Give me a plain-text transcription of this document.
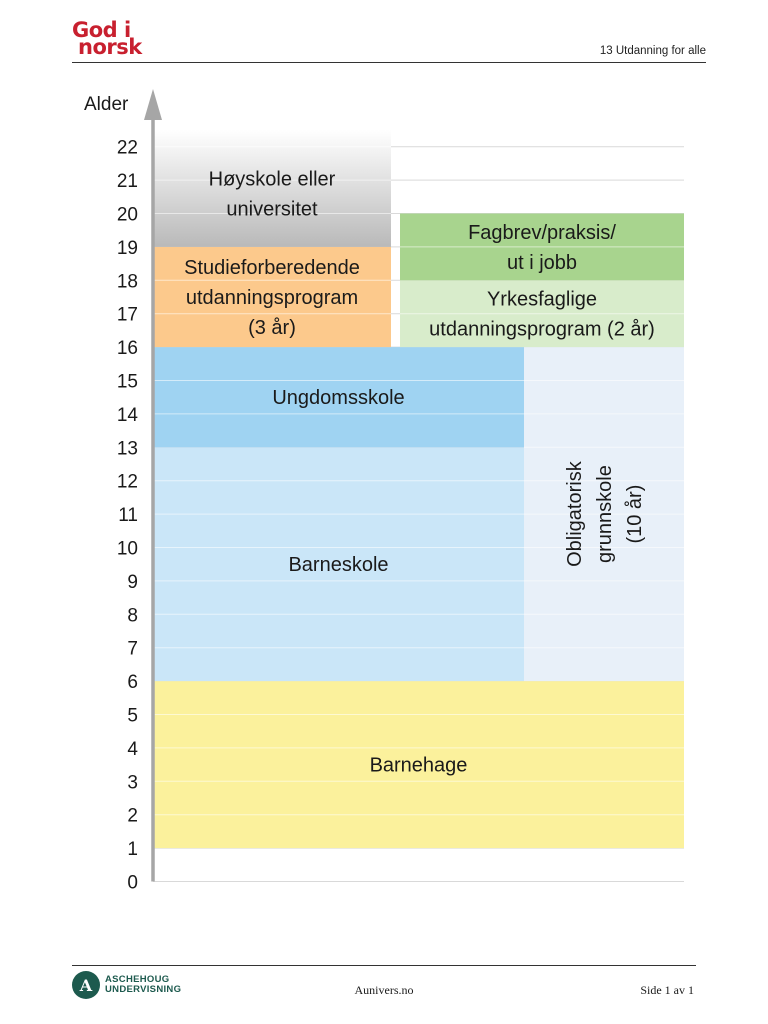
God i
norsk	13 Utdanning for alle
Alder
0
1
2
3
4
5
6
7
8
9
10
11
12
13
14
15
16
17
18
19
20
21
22
Barnehage
Obligatorisk grunnskole (10 år)
Barneskole
Ungdomsskole
Studieforberedende
utdanningsprogram
(3 år)
Høyskole eller
universitet
Yrkesfaglige
utdanningsprogram (2 år)
Fagbrev/praksis/
ut i jobb
A	ASCHEHOUG
UNDERVISNING	Aunivers.no	Side 1 av 1
